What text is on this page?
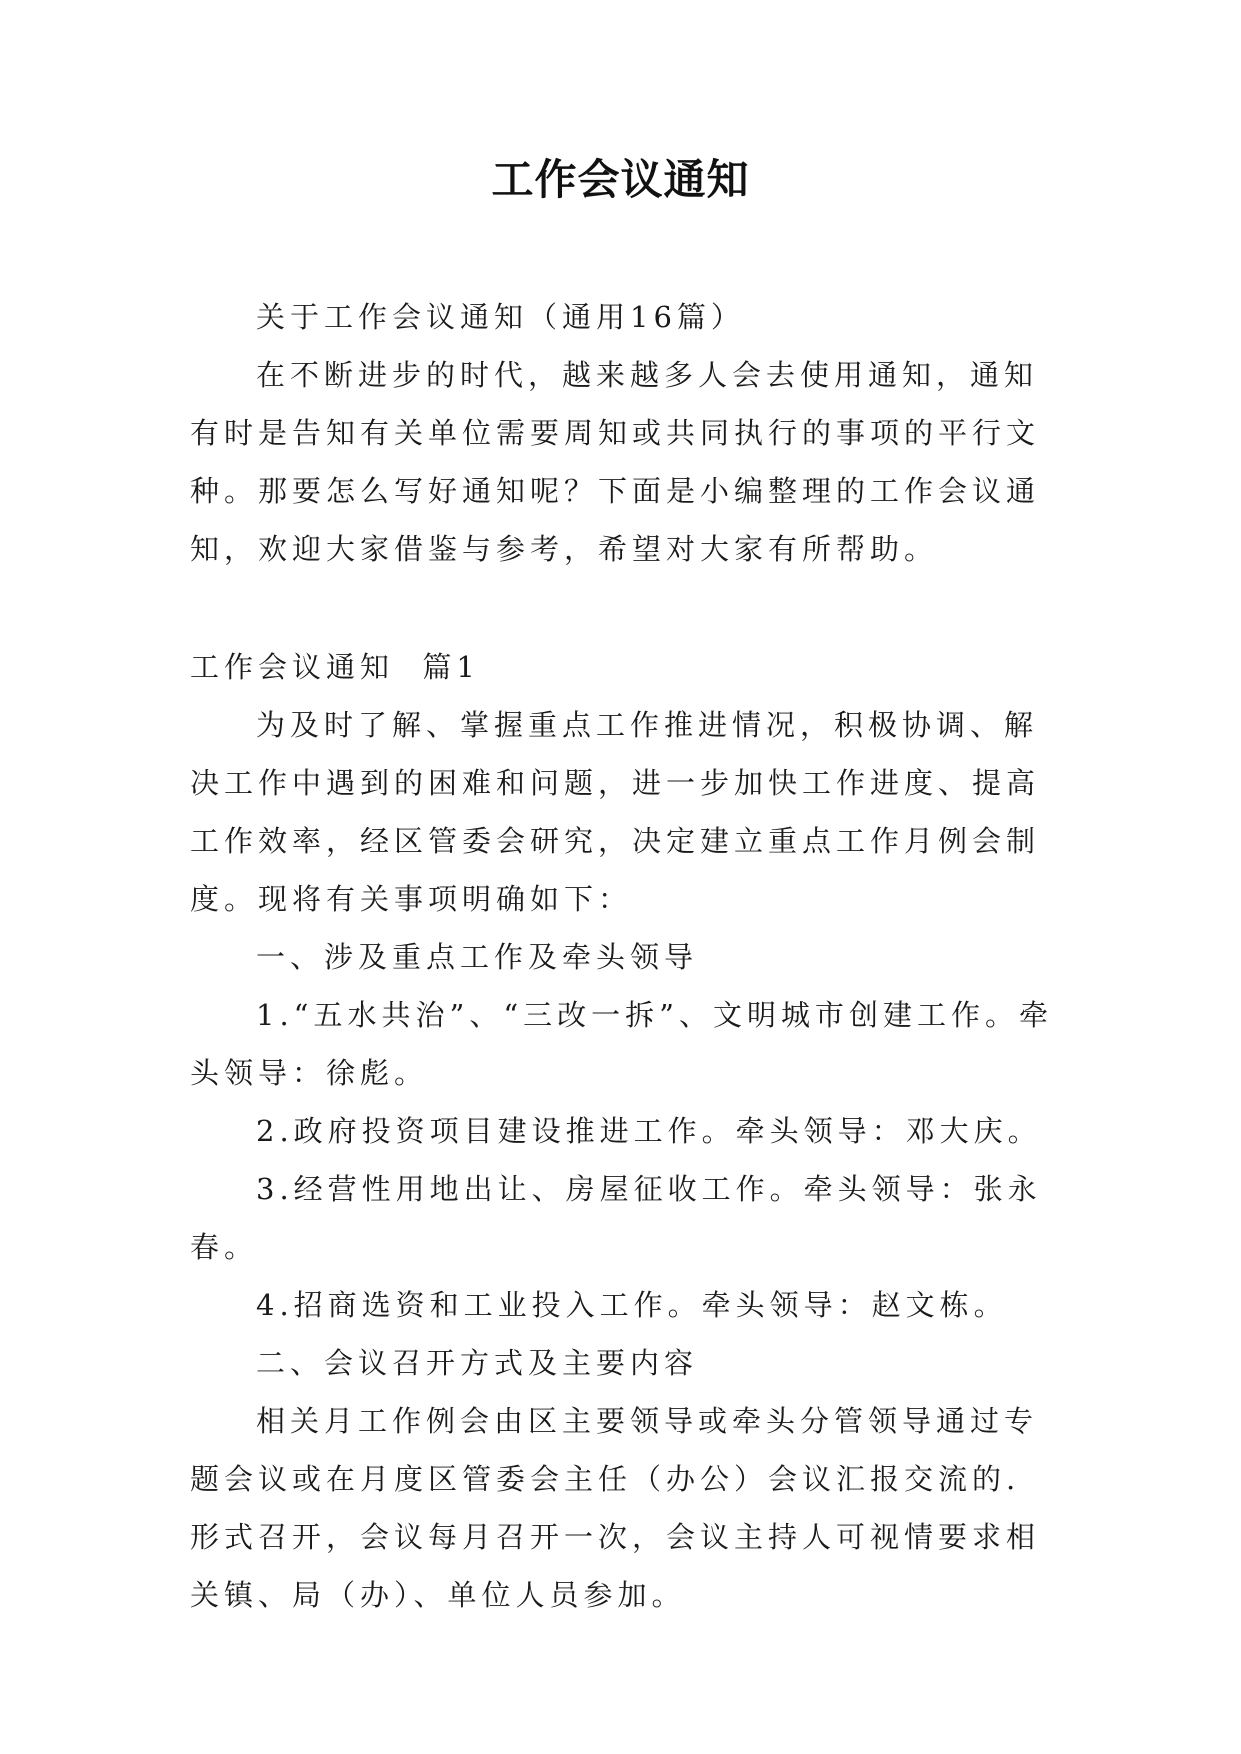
工作会议通知

关于工作会议通知（通用16篇）

在不断进步的时代，越来越多人会去使用通知，通知有时是告知有关单位需要周知或共同执行的事项的平行文种。那要怎么写好通知呢？下面是小编整理的工作会议通知，欢迎大家借鉴与参考，希望对大家有所帮助。

工作会议通知  篇1

为及时了解、掌握重点工作推进情况，积极协调、解决工作中遇到的困难和问题，进一步加快工作进度、提高工作效率，经区管委会研究，决定建立重点工作月例会制度。现将有关事项明确如下：

一、涉及重点工作及牵头领导

1.“五水共治”、“三改一拆”、文明城市创建工作。牵头领导：徐彪。

2.政府投资项目建设推进工作。牵头领导：邓大庆。

3.经营性用地出让、房屋征收工作。牵头领导：张永春。

4.招商选资和工业投入工作。牵头领导：赵文栋。

二、会议召开方式及主要内容

相关月工作例会由区主要领导或牵头分管领导通过专题会议或在月度区管委会主任（办公）会议汇报交流的.形式召开，会议每月召开一次，会议主持人可视情要求相关镇、局（办）、单位人员参加。
